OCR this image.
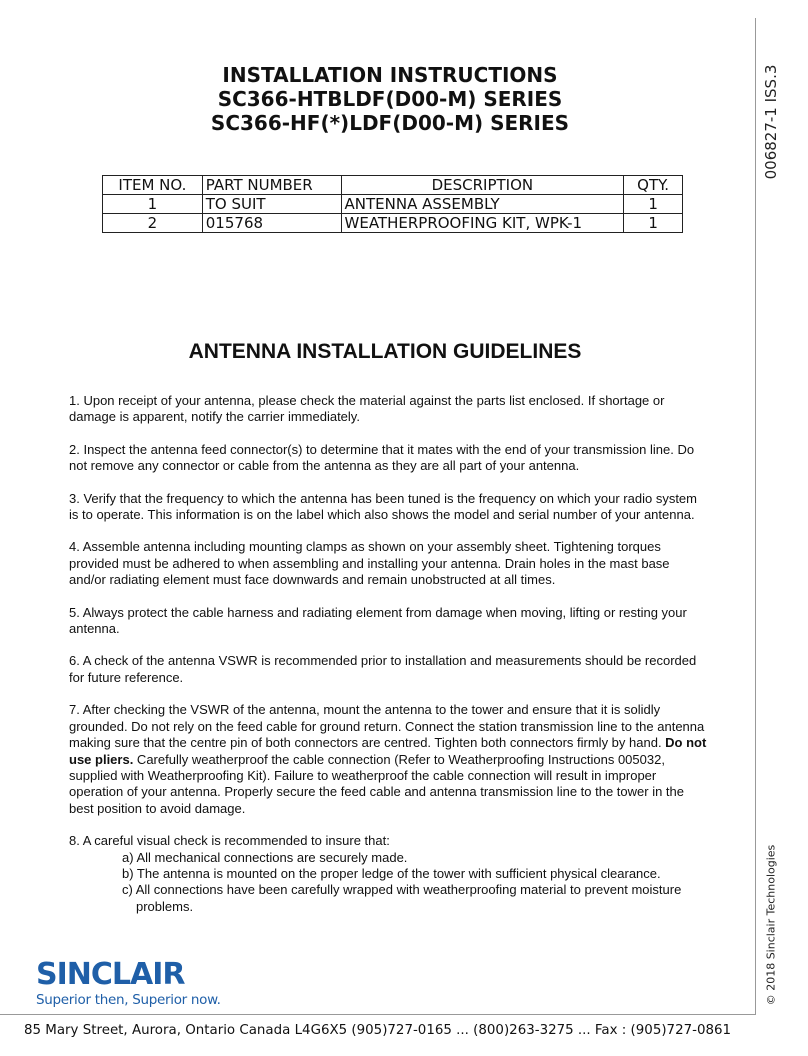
INSTALLATION INSTRUCTIONS
SC366-HTBLDF(D00-M) SERIES
SC366-HF(*)LDF(D00-M) SERIES
ITEM NO.	PART NUMBER	DESCRIPTION	QTY.
1	TO SUIT	ANTENNA ASSEMBLY	1
2	015768	WEATHERPROOFING KIT, WPK-1	1
ANTENNA INSTALLATION GUIDELINES

1. Upon receipt of your antenna, please check the material against the parts list enclosed. If shortage or damage is apparent, notify the carrier immediately.

2. Inspect the antenna feed connector(s) to determine that it mates with the end of your transmission line. Do not remove any connector or cable from the antenna as they are all part of your antenna.

3. Verify that the frequency to which the antenna has been tuned is the frequency on which your radio system is to operate. This information is on the label which also shows the model and serial number of your antenna.

4. Assemble antenna including mounting clamps as shown on your assembly sheet. Tightening torques provided must be adhered to when assembling and installing your antenna. Drain holes in the mast base and/or radiating element must face downwards and remain unobstructed at all times.

5. Always protect the cable harness and radiating element from damage when moving, lifting or resting your antenna.

6. A check of the antenna VSWR is recommended prior to installation and measurements should be recorded for future reference.

7. After checking the VSWR of the antenna, mount the antenna to the tower and ensure that it is solidly grounded. Do not rely on the feed cable for ground return. Connect the station transmission line to the antenna making sure that the centre pin of both connectors are centred. Tighten both connectors firmly by hand. Do not use pliers. Carefully weatherproof the cable connection (Refer to Weatherproofing Instructions 005032, supplied with Weatherproofing Kit). Failure to weatherproof the cable connection will result in improper operation of your antenna. Properly secure the feed cable and antenna transmission line to the tower in the best position to avoid damage.

8. A careful visual check is recommended to insure that:

a) All mechanical connections are securely made.

b) The antenna is mounted on the proper ledge of the tower with sufficient physical clearance.

c) All connections have been carefully wrapped with weatherproofing material to prevent moisture

problems.

006827-1 ISS.3
© 2018 Sinclair Technologies
SINCLAIR
Superior then, Superior now.
85 Mary Street, Aurora, Ontario Canada L4G6X5 (905)727-0165 ... (800)263-3275 ... Fax : (905)727-0861
